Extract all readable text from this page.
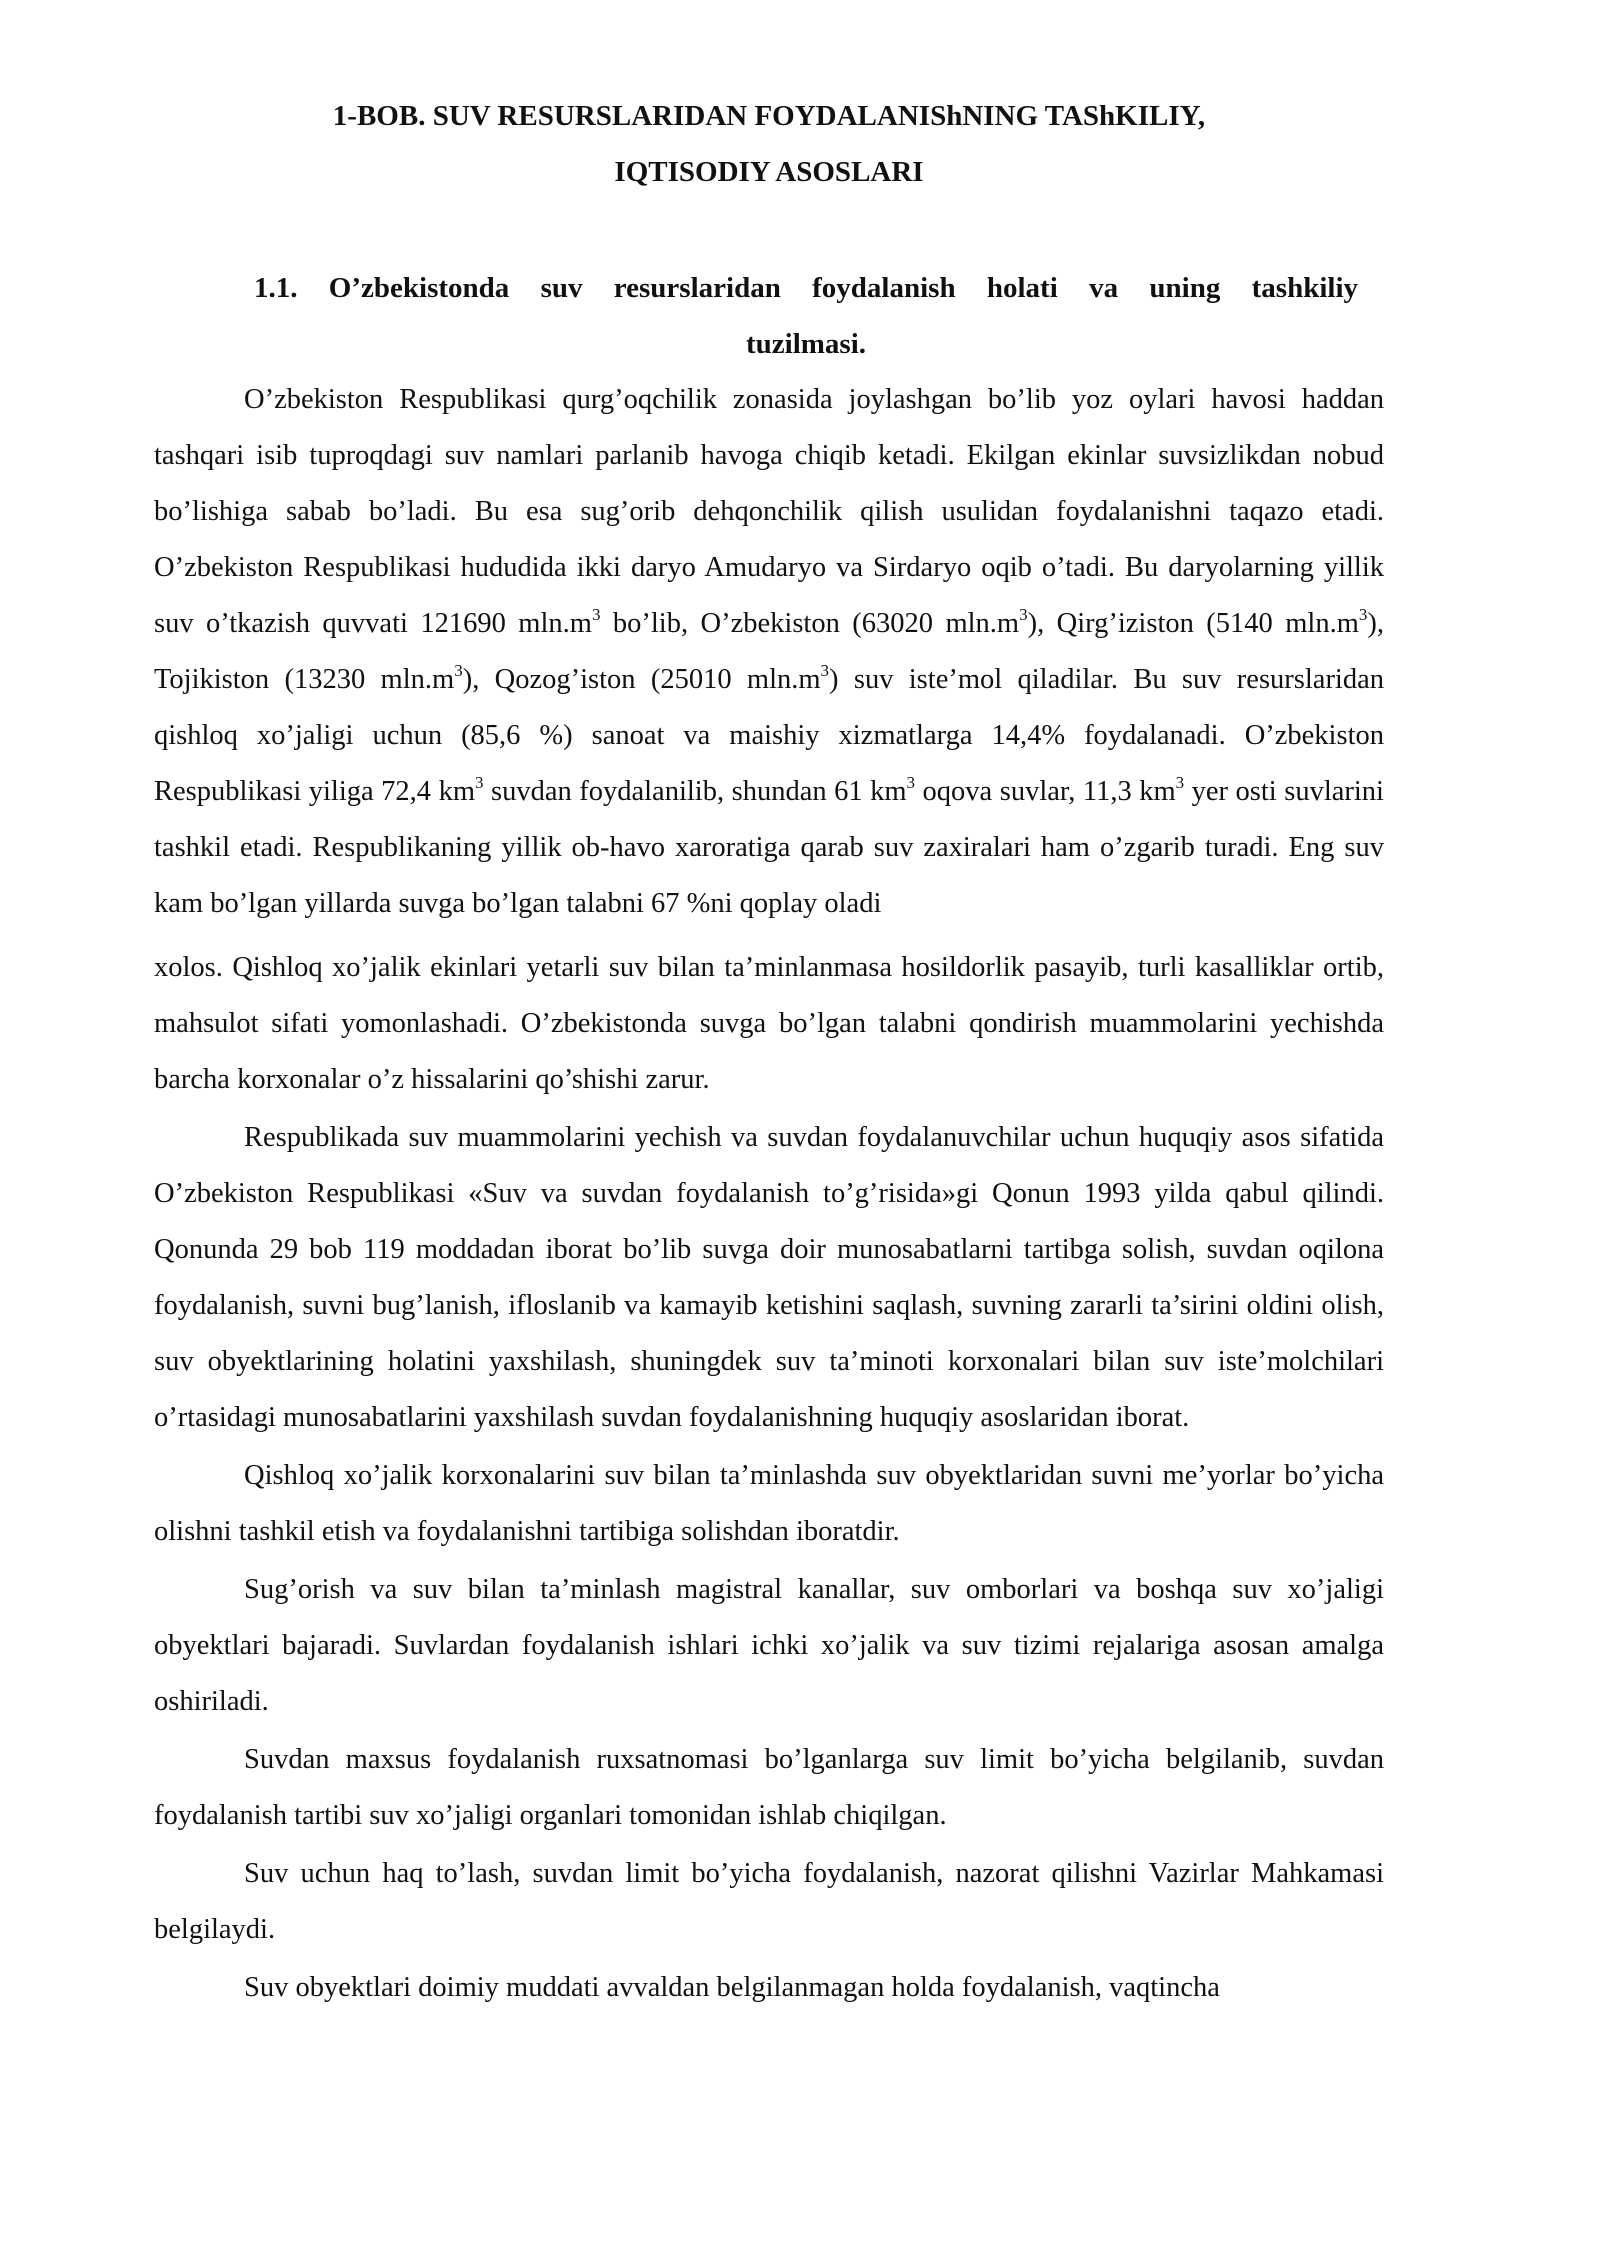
1-BOB. SUV RESURSLARIDAN FOYDALANIShNING TAShKILIY,
IQTISODIY ASOSLARI
1.1. O’zbekistonda suv resurslaridan foydalanish holati va uning tashkiliy
tuzilmasi.

O’zbekiston Respublikasi qurg’oqchilik zonasida joylashgan bo’lib yoz oylari havosi haddan tashqari isib tuproqdagi suv namlari parlanib havoga chiqib ketadi. Ekilgan ekinlar suvsizlikdan nobud bo’lishiga sabab bo’ladi. Bu esa sug’orib dehqonchilik qilish usulidan foydalanishni taqazo etadi. O’zbekiston Respublikasi hududida ikki daryo Amudaryo va Sirdaryo oqib o’tadi. Bu daryolarning yillik suv o’tkazish quvvati 121690 $mln.m^3$ bo’lib, O’zbekiston (63020 $mln.m^3$), Qirg’iziston (5140 $mln.m^3$), Tojikiston (13230 $mln.m^3$), Qozog’iston (25010 $mln.m^3$) suv iste’mol qiladilar. Bu suv resurslaridan qishloq xo’jaligi uchun (85,6 %) sanoat va maishiy xizmatlarga 14,4% foydalanadi. O’zbekiston Respublikasi yiliga 72,4 $km^3$ suvdan foydalanilib, shundan 61 $km^3$ oqova suvlar, 11,3 $km^3$ yer osti suvlarini tashkil etadi. Respublikaning yillik ob-havo xaroratiga qarab suv zaxiralari ham o’zgarib turadi. Eng suv kam bo’lgan yillarda suvga bo’lgan talabni 67 %ni qoplay oladi

xolos. Qishloq xo’jalik ekinlari yetarli suv bilan ta’minlanmasa hosildorlik pasayib, turli kasalliklar ortib, mahsulot sifati yomonlashadi. O’zbekistonda suvga bo’lgan talabni qondirish muammolarini yechishda barcha korxonalar o’z hissalarini qo’shishi zarur.

Respublikada suv muammolarini yechish va suvdan foydalanuvchilar uchun huquqiy asos sifatida O’zbekiston Respublikasi «Suv va suvdan foydalanish to’g’risida»gi Qonun 1993 yilda qabul qilindi. Qonunda 29 bob 119 moddadan iborat bo’lib suvga doir munosabatlarni tartibga solish, suvdan oqilona foydalanish, suvni bug’lanish, ifloslanib va kamayib ketishini saqlash, suvning zararli ta’sirini oldini olish, suv obyektlarining holatini yaxshilash, shuningdek suv ta’minoti korxonalari bilan suv iste’molchilari o’rtasidagi munosabatlarini yaxshilash suvdan foydalanishning huquqiy asoslaridan iborat.

Qishloq xo’jalik korxonalarini suv bilan ta’minlashda suv obyektlaridan suvni me’yorlar bo’yicha olishni tashkil etish va foydalanishni tartibiga solishdan iboratdir.

Sug’orish va suv bilan ta’minlash magistral kanallar, suv omborlari va boshqa suv xo’jaligi obyektlari bajaradi. Suvlardan foydalanish ishlari ichki xo’jalik va suv tizimi rejalariga asosan amalga oshiriladi.

Suvdan maxsus foydalanish ruxsatnomasi bo’lganlarga suv limit bo’yicha belgilanib, suvdan foydalanish tartibi suv xo’jaligi organlari tomonidan ishlab chiqilgan.

Suv uchun haq to’lash, suvdan limit bo’yicha foydalanish, nazorat qilishni Vazirlar Mahkamasi belgilaydi.

Suv obyektlari doimiy muddati avvaldan belgilanmagan holda foydalanish, vaqtincha
